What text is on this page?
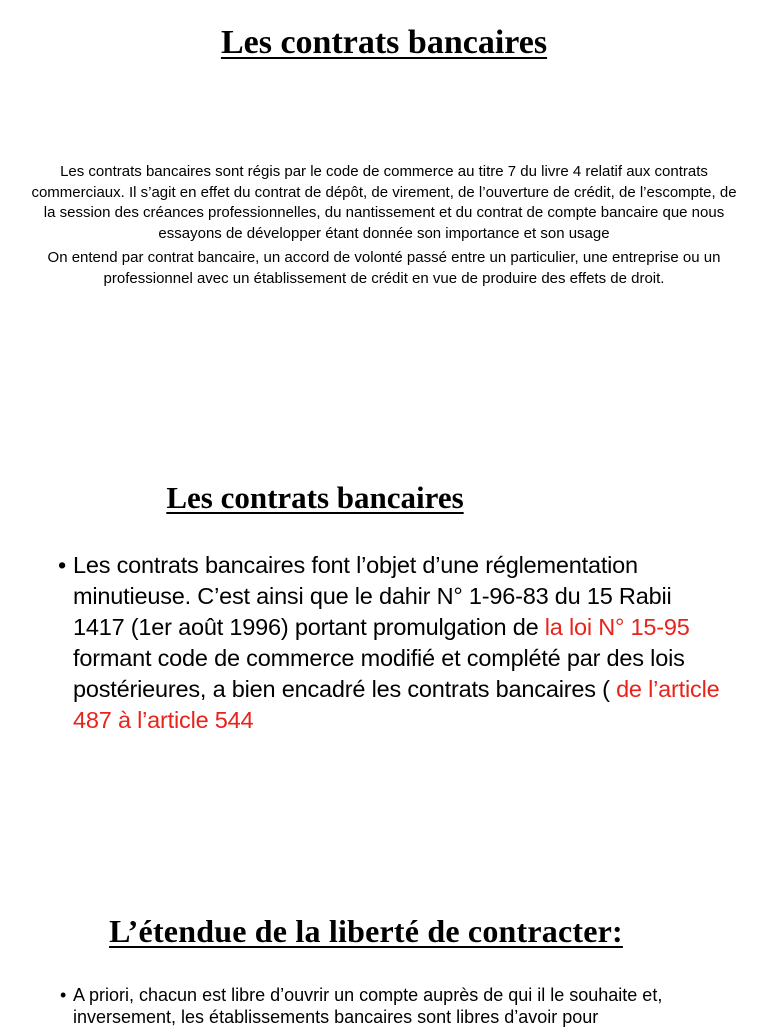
Les contrats bancaires

Les contrats bancaires sont régis par le code de commerce au titre 7 du livre 4 relatif aux contrats commerciaux. Il s’agit en effet du contrat de dépôt, de virement, de l’ouverture de crédit, de l’escompte, de la session des créances professionnelles, du nantissement et du contrat de compte bancaire que nous essayons de développer étant donnée son importance et son usage

On entend par contrat bancaire, un accord de volonté passé entre un particulier, une entreprise ou un professionnel avec un établissement de crédit en vue de produire des effets de droit.

Les contrats bancaires
• Les contrats bancaires font l’objet d’une réglementation minutieuse. C’est ainsi que le dahir N° 1-96-83 du 15 Rabii 1417 (1er août 1996) portant promulgation de la loi N° 15-95 formant code de commerce modifié et complété par des lois postérieures, a bien encadré les contrats bancaires ( de l’article 487 à l’article 544
L’étendue de la liberté de contracter:
• A priori, chacun est libre d’ouvrir un compte auprès de qui il le souhaite et, inversement, les établissements bancaires sont libres d’avoir pour
